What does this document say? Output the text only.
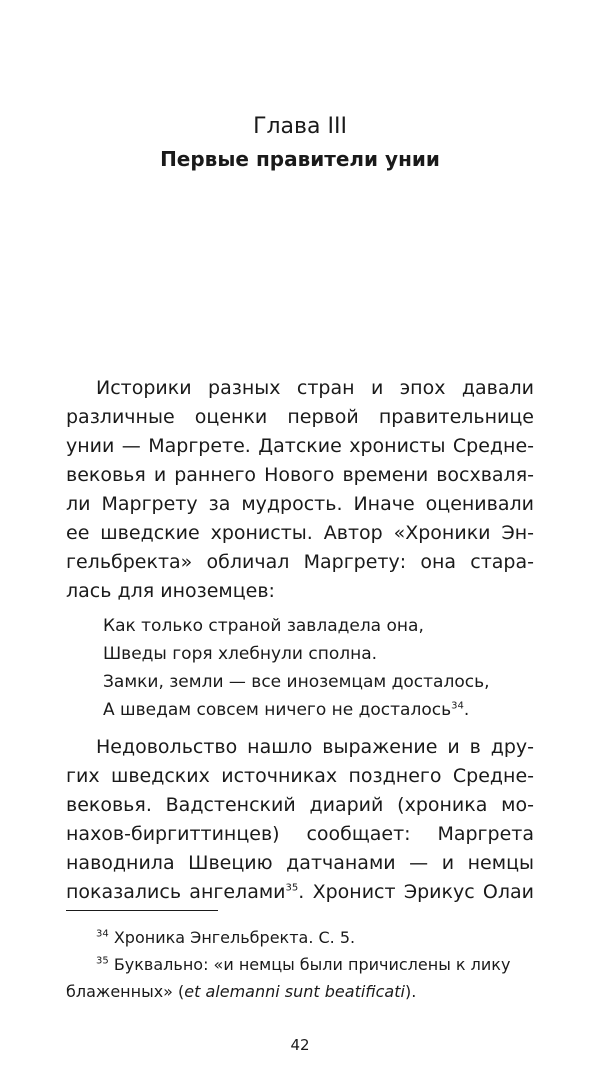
Глава III
Первые правители унии
Историки разных стран и эпох давали
различные оценки первой правительнице
унии — Маргрете. Датские хронисты Средне-
вековья и раннего Нового времени восхваля-
ли Маргрету за мудрость. Иначе оценивали
ее шведские хронисты. Автор «Хроники Эн-
гельбректа» обличал Маргрету: она стара-
лась для иноземцев:
Как только страной завладела она,
Шведы горя хлебнули сполна.
Замки, земли — все иноземцам досталось,
А шведам совсем ничего не досталось$^{34}$.
Недовольство нашло выражение и в дру-
гих шведских источниках позднего Средне-
вековья. Вадстенский диарий (хроника мо-
нахов-биргиттинцев) сообщает: Маргрета
наводнила Швецию датчанами — и немцы
показались ангелами$^{35}$. Хронист Эрикус Олаи
$^{34}$ Хроника Энгельбректа. С. 5.
$^{35}$ Буквально: «и немцы были причислены к лику
блаженных» (et alemanni sunt beatificati).
42
